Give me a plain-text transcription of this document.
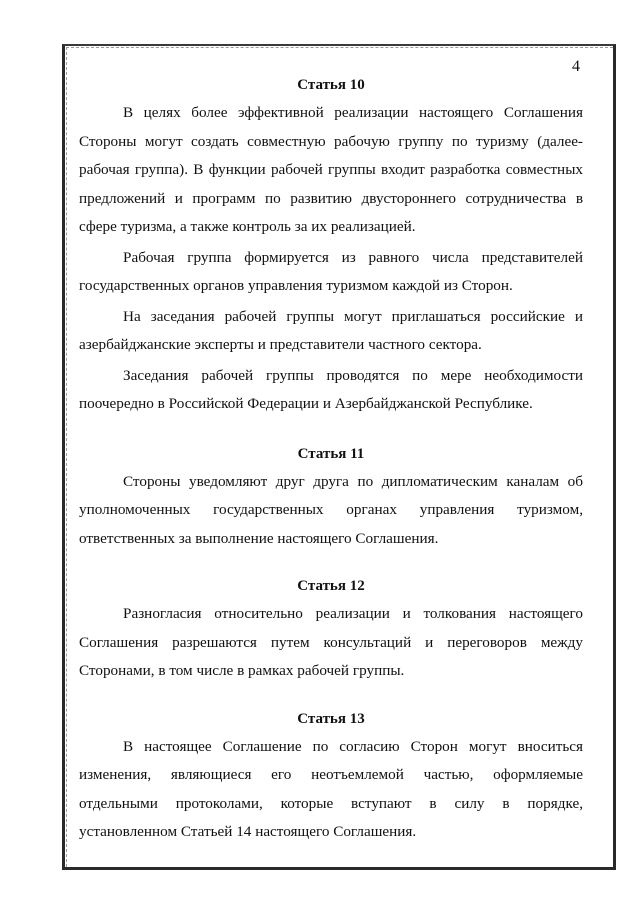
4

Статья 10

В целях более эффективной реализации настоящего Соглашения Стороны могут создать совместную рабочую группу по туризму (далее-рабочая группа). В функции рабочей группы входит разработка совместных предложений и программ по развитию двустороннего сотрудничества в сфере туризма, а также контроль за их реализацией.

Рабочая группа формируется из равного числа представителей государственных органов управления туризмом каждой из Сторон.

На заседания рабочей группы могут приглашаться российские и азербайджанские эксперты и представители частного сектора.

Заседания рабочей группы проводятся по мере необходимости поочередно в Российской Федерации и Азербайджанской Республике.

Статья 11

Стороны уведомляют друг друга по дипломатическим каналам об уполномоченных государственных органах управления туризмом, ответственных за выполнение настоящего Соглашения.

Статья 12

Разногласия относительно реализации и толкования настоящего Соглашения разрешаются путем консультаций и переговоров между Сторонами, в том числе в рамках рабочей группы.

Статья 13

В настоящее Соглашение по согласию Сторон могут вноситься изменения, являющиеся его неотъемлемой частью, оформляемые отдельными протоколами, которые вступают в силу в порядке, установленном Статьей 14 настоящего Соглашения.
